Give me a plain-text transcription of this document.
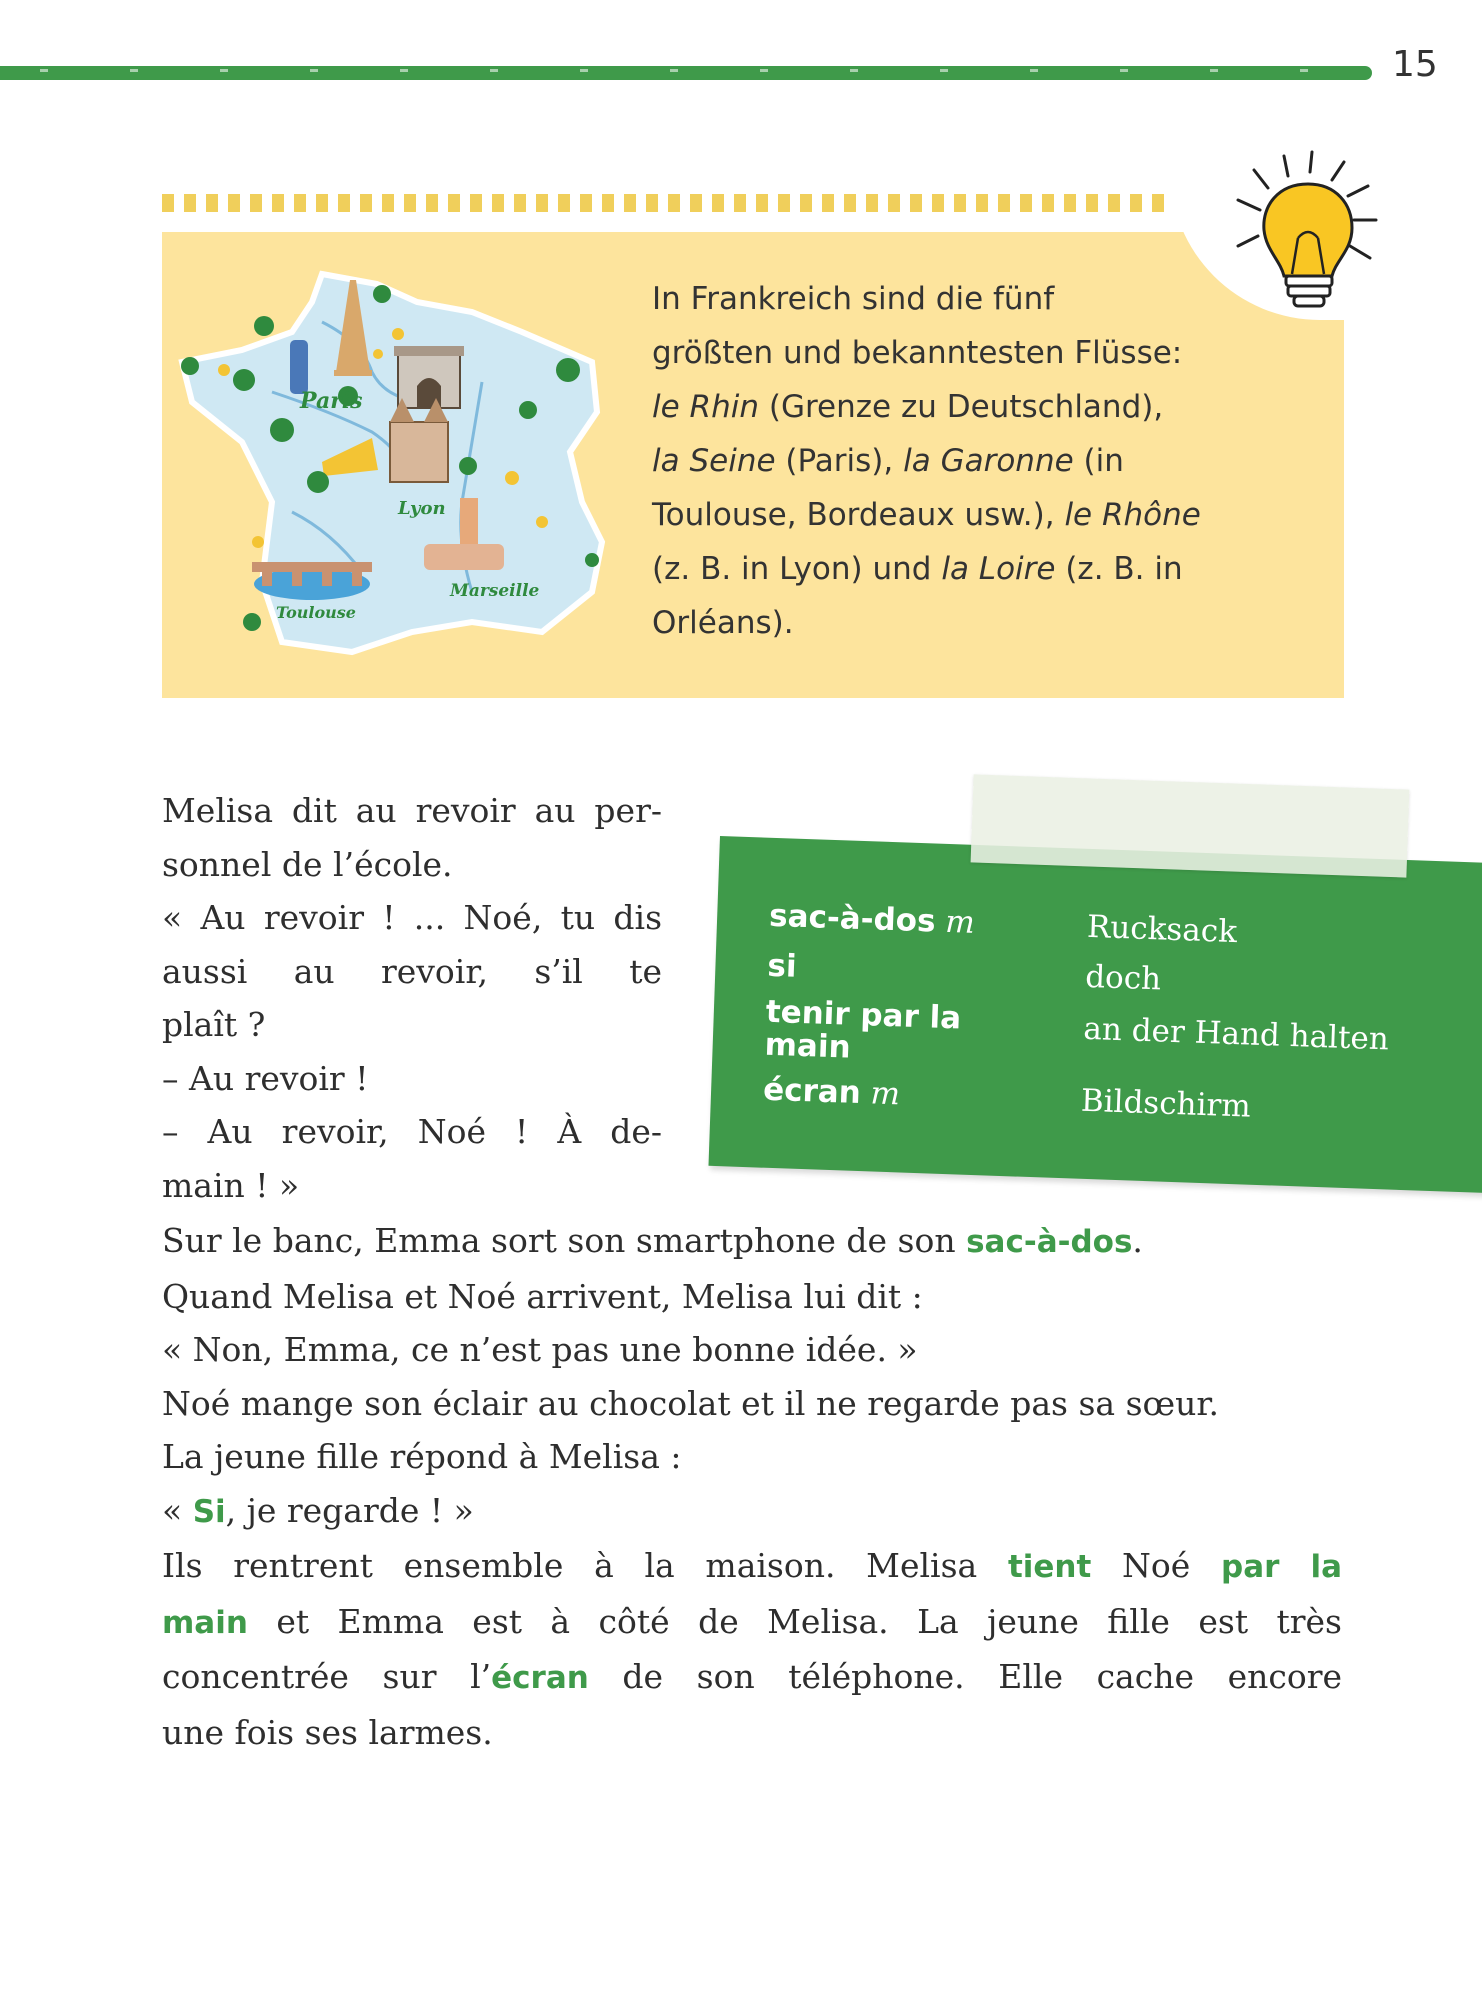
15
Paris
Lyon
Marseille
Toulouse

In Frankreich sind die fünf

größten und bekanntesten Flüsse:

le Rhin (Grenze zu Deutschland),

la Seine (Paris), la Garonne (in

Toulouse, Bordeaux usw.), le Rhône

(z. B. in Lyon) und la Loire (z. B. in

Orléans).

sac-à-dos m	Rucksack
si	doch
tenir par la main	an der Hand halten
écran m	Bildschirm
Melisa dit au revoir au per-
sonnel de l’école.
« Au revoir ! ... Noé, tu dis
aussi au revoir, s’il te
plaît ?
– Au revoir !
– Au revoir, Noé ! À de-
main ! »
Sur le banc, Emma sort son smartphone de son sac-à-dos.
Quand Melisa et Noé arrivent, Melisa lui dit :
« Non, Emma, ce n’est pas une bonne idée. »
Noé mange son éclair au chocolat et il ne regarde pas sa sœur.
La jeune fille répond à Melisa :
« Si, je regarde ! »
Ils rentrent ensemble à la maison. Melisa tient Noé par la
main et Emma est à côté de Melisa. La jeune fille est très
concentrée sur l’écran de son téléphone. Elle cache encore
une fois ses larmes.
